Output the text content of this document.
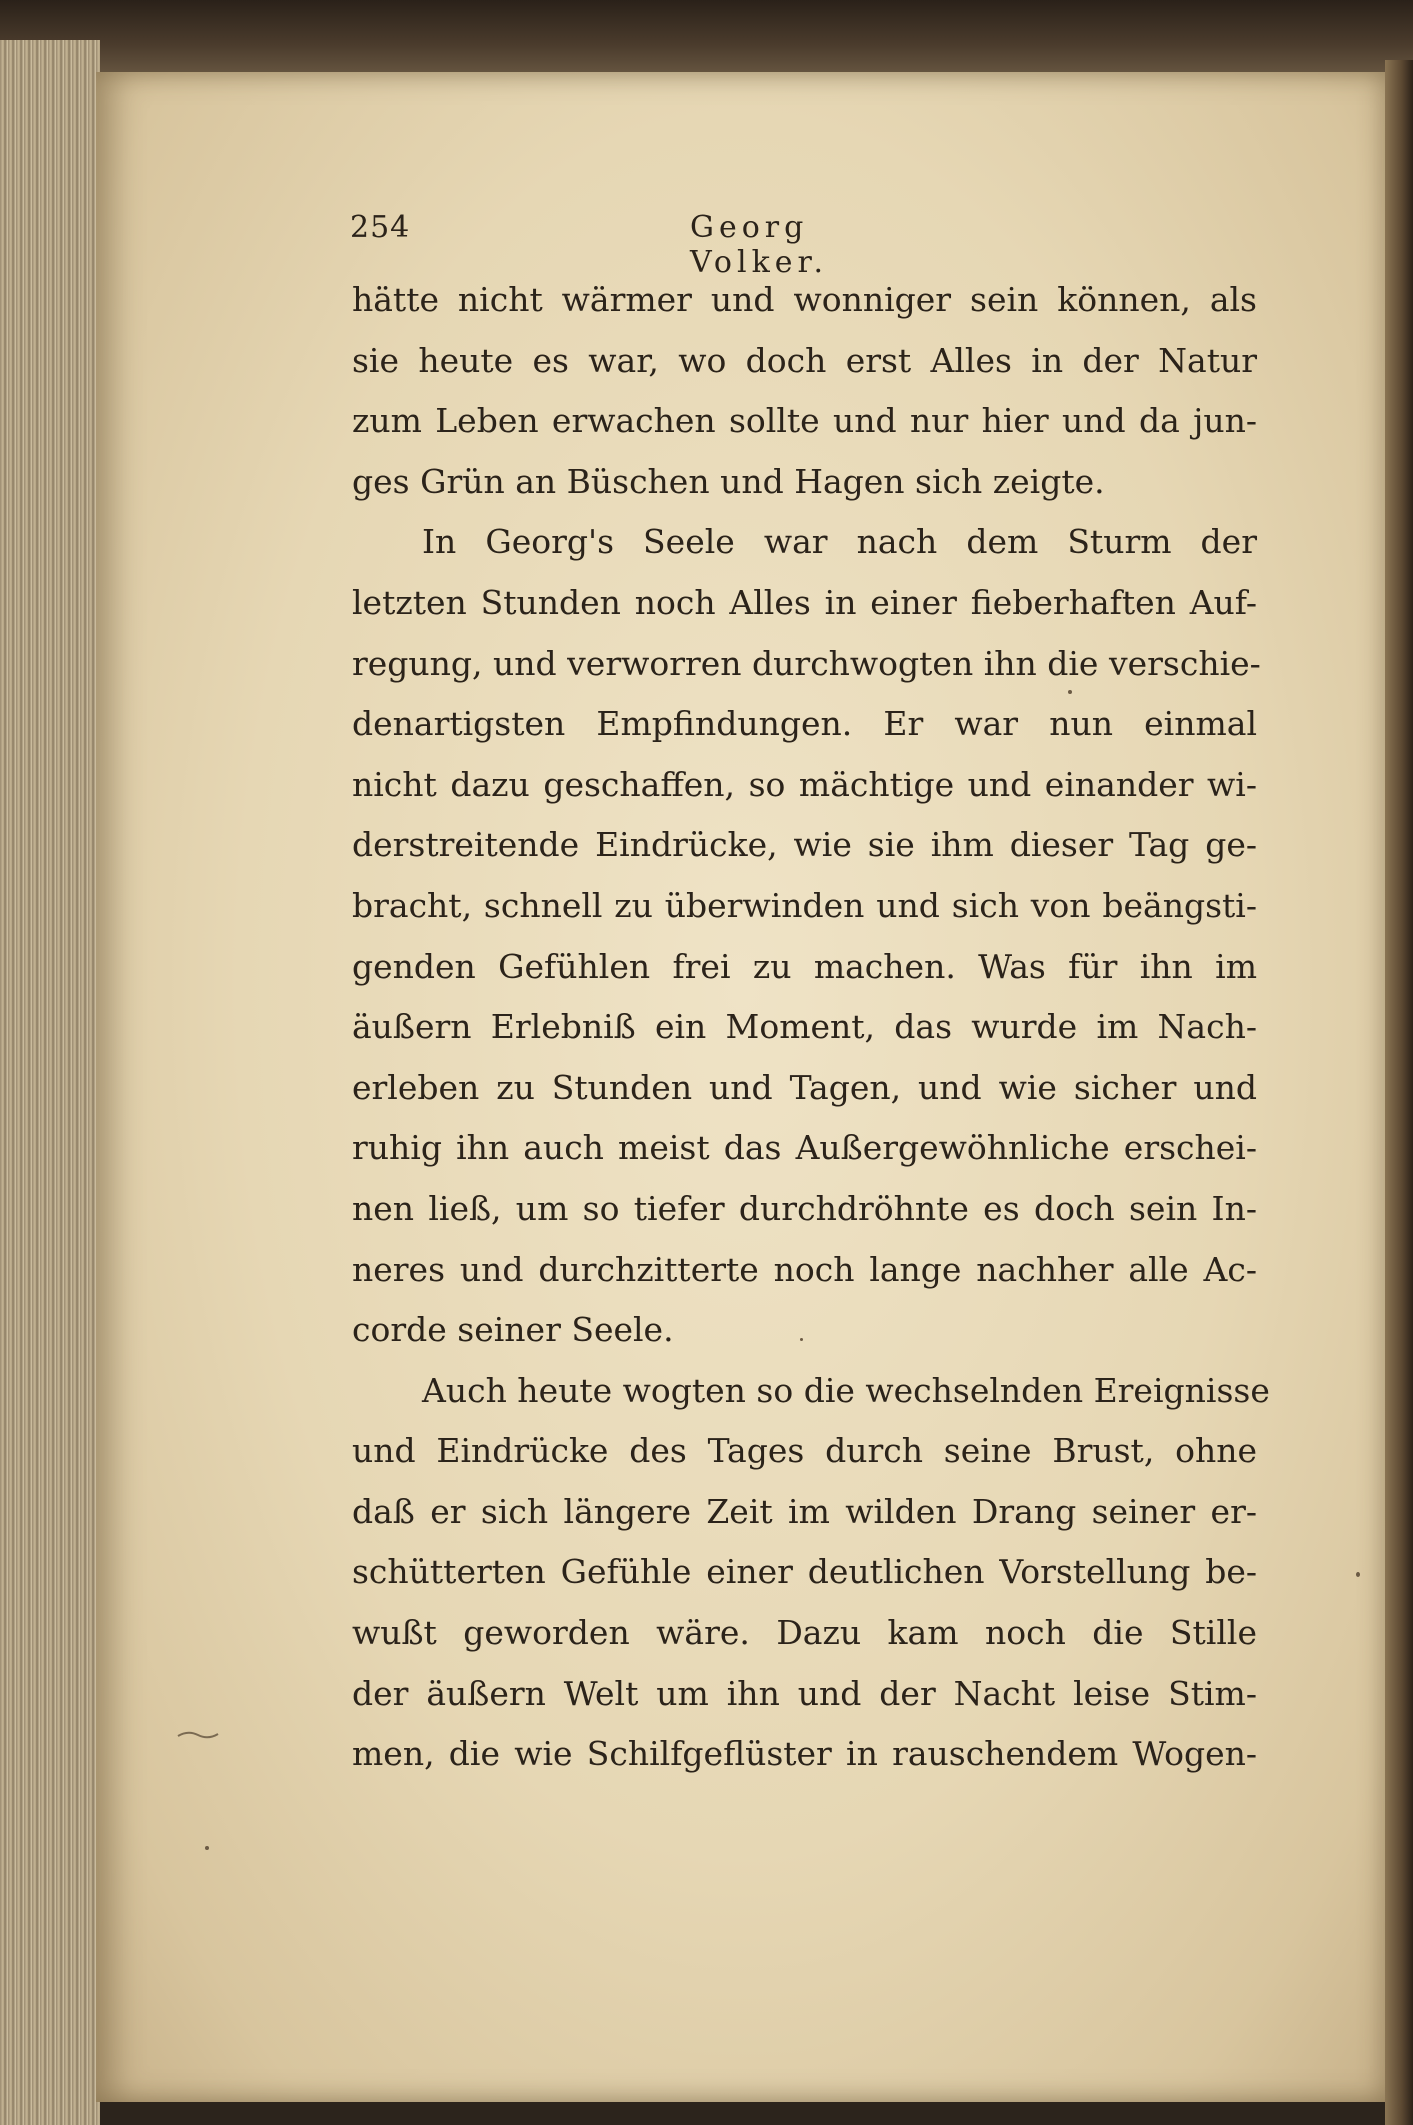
254	Georg Volker.
hätte nicht wärmer und wonniger sein können, als
sie heute es war, wo doch erst Alles in der Natur
zum Leben erwachen sollte und nur hier und da jun-
ges Grün an Büschen und Hagen sich zeigte.
In Georg's Seele war nach dem Sturm der
letzten Stunden noch Alles in einer fieberhaften Auf-
regung, und verworren durchwogten ihn die verschie-
denartigsten Empfindungen. Er war nun einmal
nicht dazu geschaffen, so mächtige und einander wi-
derstreitende Eindrücke, wie sie ihm dieser Tag ge-
bracht, schnell zu überwinden und sich von beängsti-
genden Gefühlen frei zu machen. Was für ihn im
äußern Erlebniß ein Moment, das wurde im Nach-
erleben zu Stunden und Tagen, und wie sicher und
ruhig ihn auch meist das Außergewöhnliche erschei-
nen ließ, um so tiefer durchdröhnte es doch sein In-
neres und durchzitterte noch lange nachher alle Ac-
corde seiner Seele.
Auch heute wogten so die wechselnden Ereignisse
und Eindrücke des Tages durch seine Brust, ohne
daß er sich längere Zeit im wilden Drang seiner er-
schütterten Gefühle einer deutlichen Vorstellung be-
wußt geworden wäre. Dazu kam noch die Stille
der äußern Welt um ihn und der Nacht leise Stim-
men, die wie Schilfgeflüster in rauschendem Wogen-
